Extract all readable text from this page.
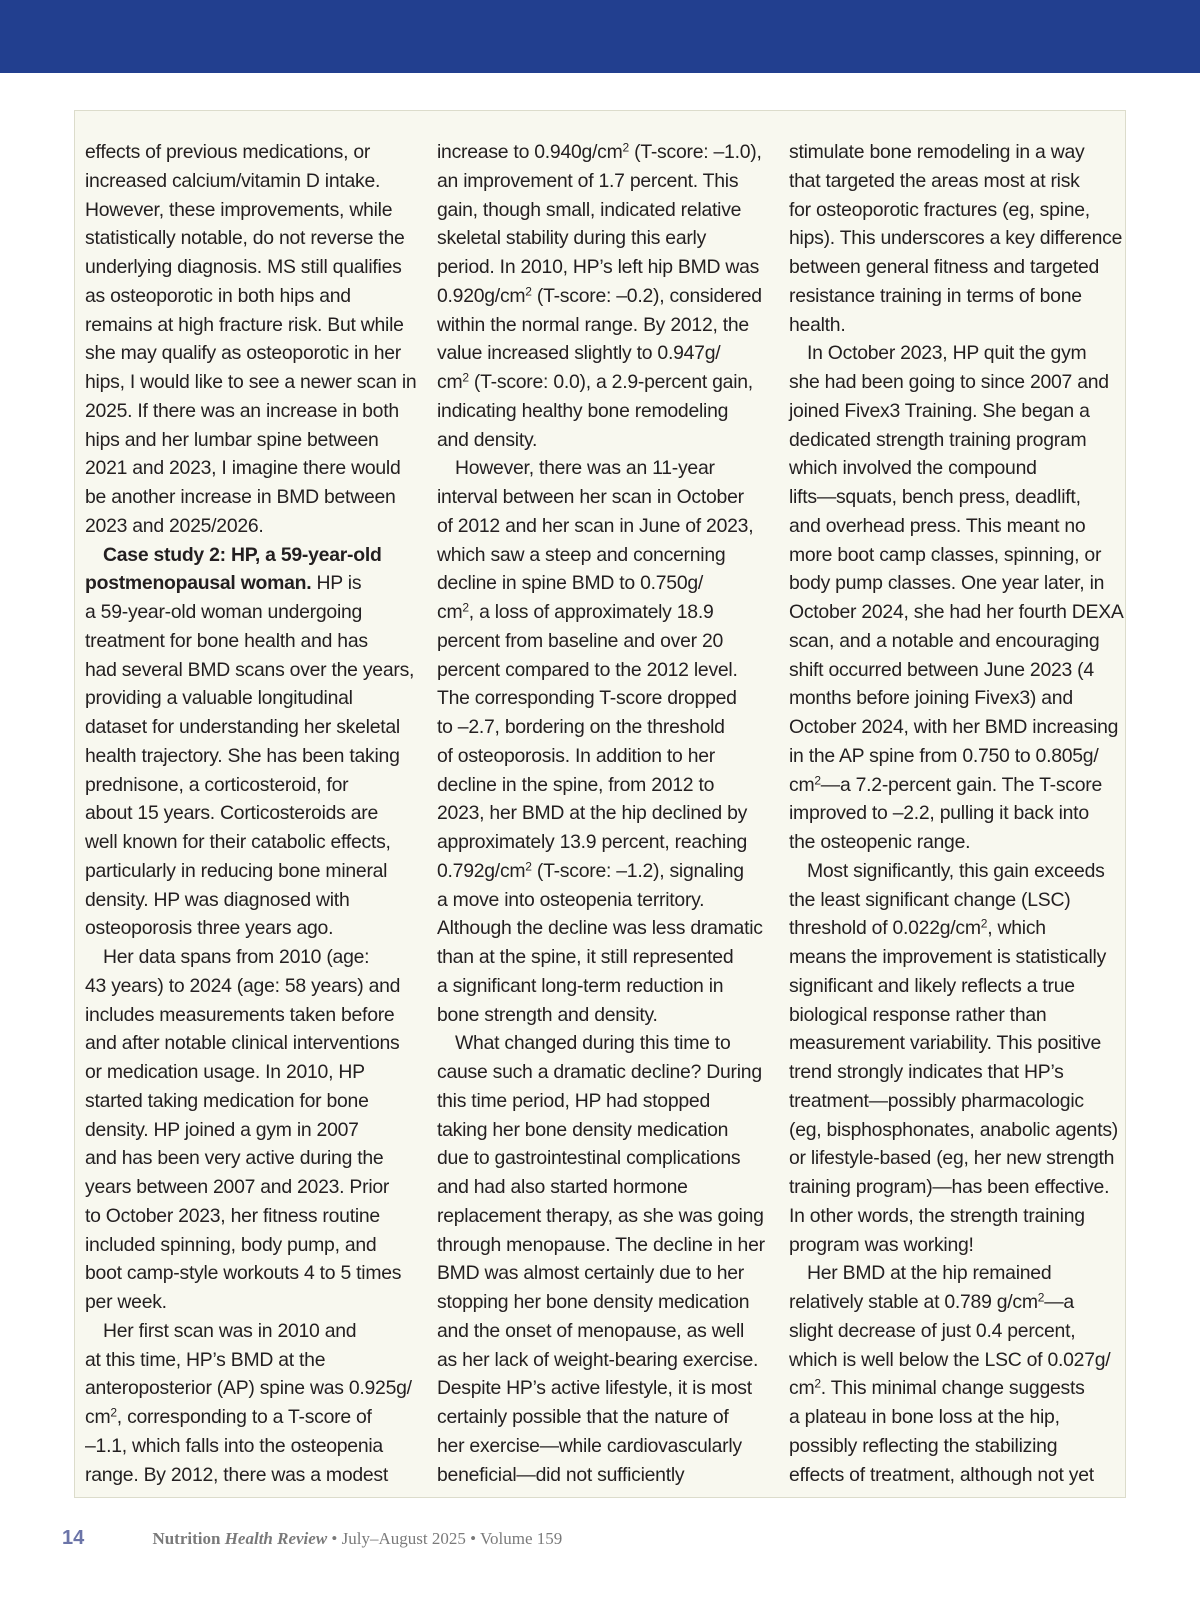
effects of previous medications, or
increased calcium/vitamin D intake.
However, these improvements, while
statistically notable, do not reverse the
underlying diagnosis. MS still qualifies
as osteoporotic in both hips and
remains at high fracture risk. But while
she may qualify as osteoporotic in her
hips, I would like to see a newer scan in
2025. If there was an increase in both
hips and her lumbar spine between
2021 and 2023, I imagine there would
be another increase in BMD between
2023 and 2025/2026.
Case study 2: HP, a 59-year-old
postmenopausal woman. HP is
a 59-year-old woman undergoing
treatment for bone health and has
had several BMD scans over the years,
providing a valuable longitudinal
dataset for understanding her skeletal
health trajectory. She has been taking
prednisone, a corticosteroid, for
about 15 years. Corticosteroids are
well known for their catabolic effects,
particularly in reducing bone mineral
density. HP was diagnosed with
osteoporosis three years ago.
Her data spans from 2010 (age:
43 years) to 2024 (age: 58 years) and
includes measurements taken before
and after notable clinical interventions
or medication usage. In 2010, HP
started taking medication for bone
density. HP joined a gym in 2007
and has been very active during the
years between 2007 and 2023. Prior
to October 2023, her fitness routine
included spinning, body pump, and
boot camp-style workouts 4 to 5 times
per week.
Her first scan was in 2010 and
at this time, HP’s BMD at the
anteroposterior (AP) spine was 0.925g/
$cm^2$, corresponding to a T-score of
–1.1, which falls into the osteopenia
range. By 2012, there was a modest
increase to $0.940g/cm^2$ (T-score: –1.0),
an improvement of 1.7 percent. This
gain, though small, indicated relative
skeletal stability during this early
period. In 2010, HP’s left hip BMD was
$0.920g/cm^2$ (T-score: –0.2), considered
within the normal range. By 2012, the
value increased slightly to 0.947g/
$cm^2$ (T-score: 0.0), a 2.9-percent gain,
indicating healthy bone remodeling
and density.
However, there was an 11-year
interval between her scan in October
of 2012 and her scan in June of 2023,
which saw a steep and concerning
decline in spine BMD to 0.750g/
$cm^2$, a loss of approximately 18.9
percent from baseline and over 20
percent compared to the 2012 level.
The corresponding T-score dropped
to –2.7, bordering on the threshold
of osteoporosis. In addition to her
decline in the spine, from 2012 to
2023, her BMD at the hip declined by
approximately 13.9 percent, reaching
$0.792g/cm^2$ (T-score: –1.2), signaling
a move into osteopenia territory.
Although the decline was less dramatic
than at the spine, it still represented
a significant long-term reduction in
bone strength and density.
What changed during this time to
cause such a dramatic decline? During
this time period, HP had stopped
taking her bone density medication
due to gastrointestinal complications
and had also started hormone
replacement therapy, as she was going
through menopause. The decline in her
BMD was almost certainly due to her
stopping her bone density medication
and the onset of menopause, as well
as her lack of weight-bearing exercise.
Despite HP’s active lifestyle, it is most
certainly possible that the nature of
her exercise—while cardiovascularly
beneficial—did not sufficiently
stimulate bone remodeling in a way
that targeted the areas most at risk
for osteoporotic fractures (eg, spine,
hips). This underscores a key difference
between general fitness and targeted
resistance training in terms of bone
health.
In October 2023, HP quit the gym
she had been going to since 2007 and
joined Fivex3 Training. She began a
dedicated strength training program
which involved the compound
lifts—squats, bench press, deadlift,
and overhead press. This meant no
more boot camp classes, spinning, or
body pump classes. One year later, in
October 2024, she had her fourth DEXA
scan, and a notable and encouraging
shift occurred between June 2023 (4
months before joining Fivex3) and
October 2024, with her BMD increasing
in the AP spine from 0.750 to 0.805g/
$cm^2—a$ 7.2-percent gain. The T-score
improved to –2.2, pulling it back into
the osteopenic range.
Most significantly, this gain exceeds
the least significant change (LSC)
threshold of $0.022g/cm^2$, which
means the improvement is statistically
significant and likely reflects a true
biological response rather than
measurement variability. This positive
trend strongly indicates that HP’s
treatment—possibly pharmacologic
(eg, bisphosphonates, anabolic agents)
or lifestyle-based (eg, her new strength
training program)—has been effective.
In other words, the strength training
program was working!
Her BMD at the hip remained
relatively stable at 0.789 $g/cm^2—a$
slight decrease of just 0.4 percent,
which is well below the LSC of 0.027g/
$cm^2$. This minimal change suggests
a plateau in bone loss at the hip,
possibly reflecting the stabilizing
effects of treatment, although not yet
14	Nutrition Health Review • July–August 2025 • Volume 159
